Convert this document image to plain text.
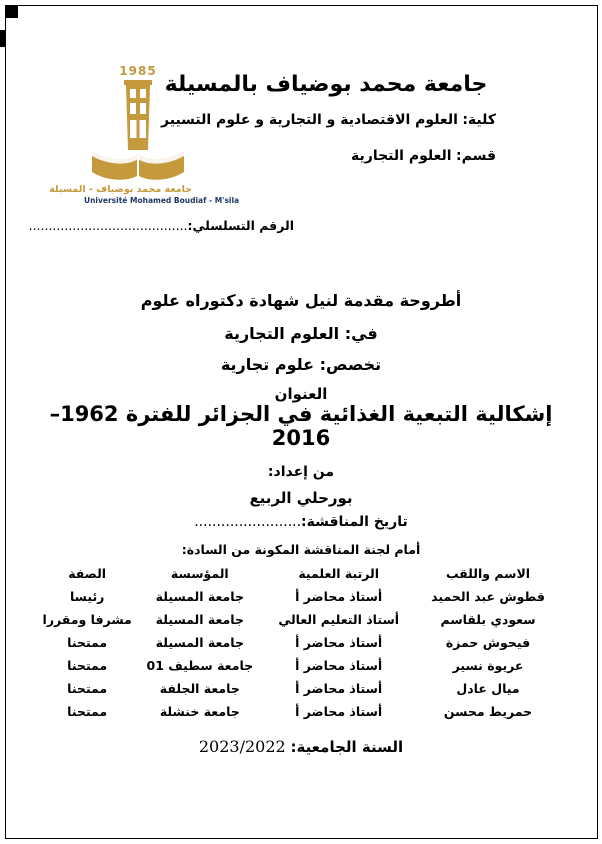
1985
جامعة محمد بوضياف - المسيلة
Université Mohamed Boudiaf - M'sila
جامعة محمد بوضياف بالمسيلة
كلية: العلوم الاقتصادية و التجارية و علوم التسيير
قسم: العلوم التجارية
الرقم التسلسلي:........................................
أطروحة مقدمة لنيل شهادة دكتوراه علوم
في: العلوم التجارية
تخصص: علوم تجارية
العنوان
إشكالية التبعية الغذائية في الجزائر للفترة 1962–2016
من إعداد:
بورحلي الربيع
تاريخ المناقشة:........................
أمام لجنة المناقشة المكونة من السادة:
الاسم واللقب	الرتبة العلمية	المؤسسة	الصفة
قطوش عبد الحميد	أستاذ محاضر أ	جامعة المسيلة	رئيسا
سعودي بلقاسم	أستاذ التعليم العالي	جامعة المسيلة	مشرفا ومقررا
فيحوش حمزة	أستاذ محاضر أ	جامعة المسيلة	ممتحنا
عريوة نسير	أستاذ محاضر أ	جامعة سطيف 01	ممتحنا
ميال عادل	أستاذ محاضر أ	جامعة الجلفة	ممتحنا
حمريط محسن	أستاذ محاضر أ	جامعة خنشلة	ممتحنا
السنة الجامعية: 2023/2022
